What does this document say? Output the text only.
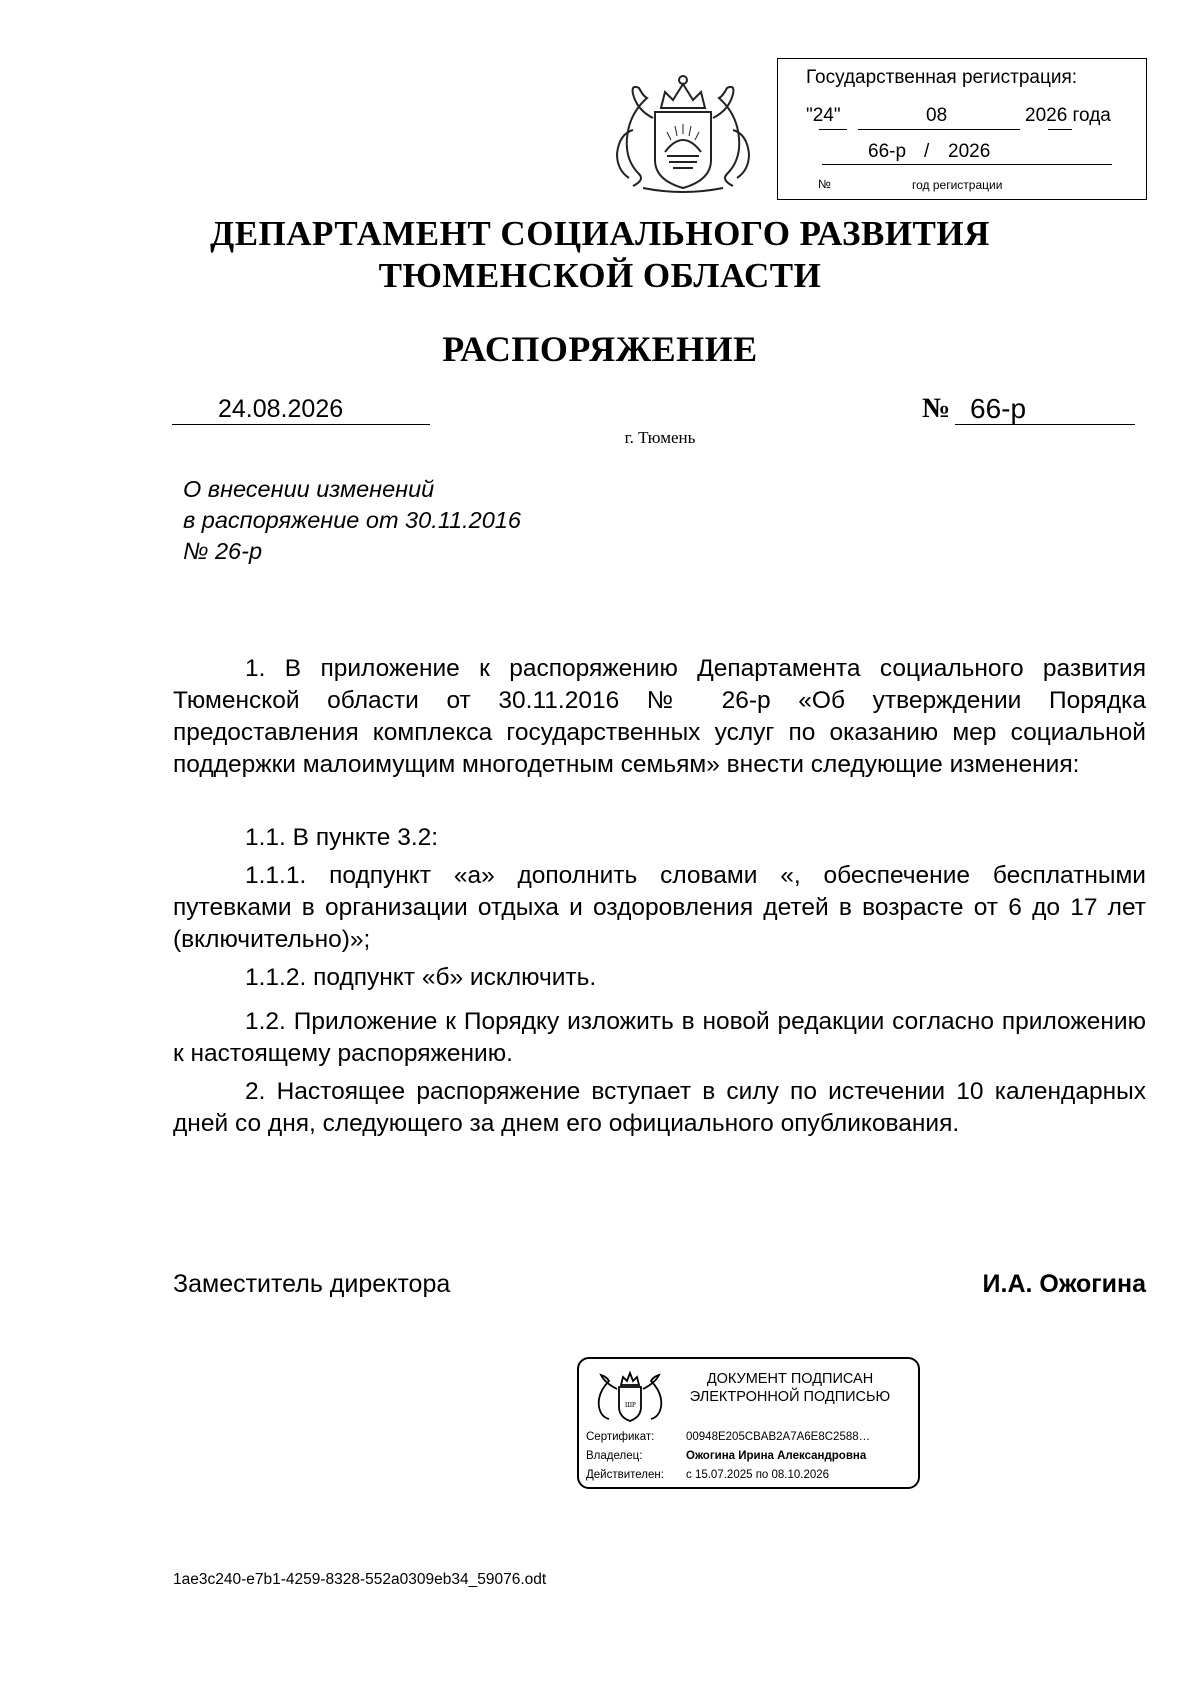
Государственная регистрация:
"24"	08	2026 года
66-р / 2026
№	год регистрации
ДЕПАРТАМЕНТ СОЦИАЛЬНОГО РАЗВИТИЯ
ТЮМЕНСКОЙ ОБЛАСТИ
РАСПОРЯЖЕНИЕ
24.08.2026	№ 66-р
г. Тюмень
О внесении изменений
в распоряжение от 30.11.2016
№ 26-р
1. В приложение к распоряжению Департамента социального развития Тюменской области от 30.11.2016 № 26-р «Об утверждении Порядка предоставления комплекса государственных услуг по оказанию мер социальной поддержки малоимущим многодетным семьям» внести следующие изменения:
1.1. В пункте 3.2:
1.1.1. подпункт «а» дополнить словами «, обеспечение бесплатными путевками в организации отдыха и оздоровления детей в возрасте от 6 до 17 лет (включительно)»;
1.1.2. подпункт «б» исключить.
1.2. Приложение к Порядку изложить в новой редакции согласно приложению к настоящему распоряжению.
2. Настоящее распоряжение вступает в силу по истечении 10 календарных дней со дня, следующего за днем его официального опубликования.
Заместитель директора	И.А. Ожогина
ШР
ДОКУМЕНТ ПОДПИСАН
ЭЛЕКТРОННОЙ ПОДПИСЬЮ
Сертификат:	00948E205CBAB2A7A6E8C2588…
Владелец:	Ожогина Ирина Александровна
Действителен: с 15.07.2025 по 08.10.2026
1ae3c240-e7b1-4259-8328-552a0309eb34_59076.odt
